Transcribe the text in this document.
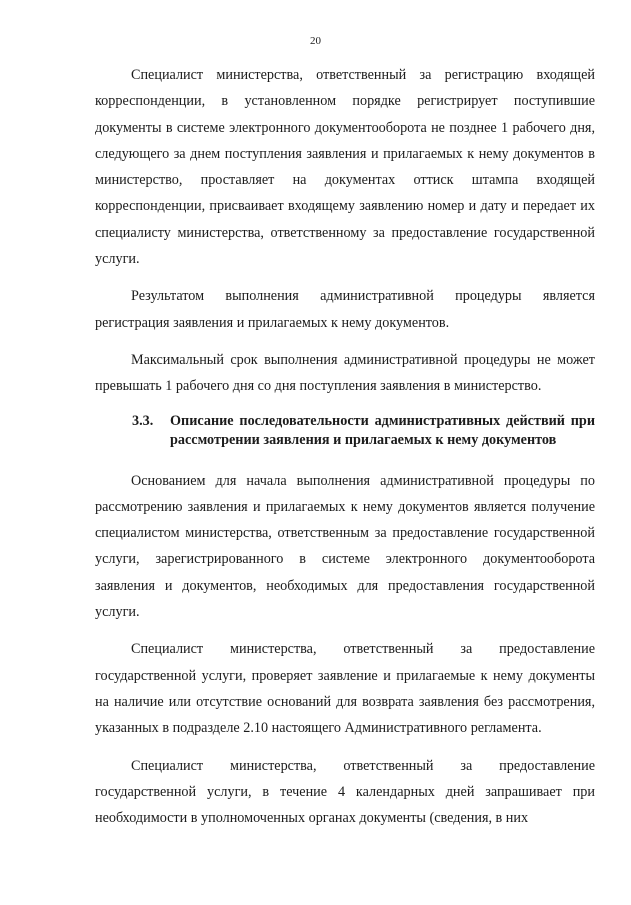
20

Специалист министерства, ответственный за регистрацию входящей корреспонденции, в установленном порядке регистрирует поступившие документы в системе электронного документооборота не позднее 1 рабочего дня, следующего за днем поступления заявления и прилагаемых к нему документов в министерство, проставляет на документах оттиск штампа входящей корреспонденции, присваивает входящему заявлению номер и дату и передает их специалисту министерства, ответственному за предоставление государственной услуги.

Результатом выполнения административной процедуры является регистрация заявления и прилагаемых к нему документов.

Максимальный срок выполнения административной процедуры не может превышать 1 рабочего дня со дня поступления заявления в министерство.

3.3.	Описание последовательности административных действий при рассмотрении заявления и прилагаемых к нему документов

Основанием для начала выполнения административной процедуры по рассмотрению заявления и прилагаемых к нему документов является получение специалистом министерства, ответственным за предоставление государственной услуги, зарегистрированного в системе электронного документооборота заявления и документов, необходимых для предоставления государственной услуги.

Специалист министерства, ответственный за предоставление государственной услуги, проверяет заявление и прилагаемые к нему документы на наличие или отсутствие оснований для возврата заявления без рассмотрения, указанных в подразделе 2.10 настоящего Административного регламента.

Специалист министерства, ответственный за предоставление государственной услуги, в течение 4 календарных дней запрашивает при необходимости в уполномоченных органах документы (сведения, в них
